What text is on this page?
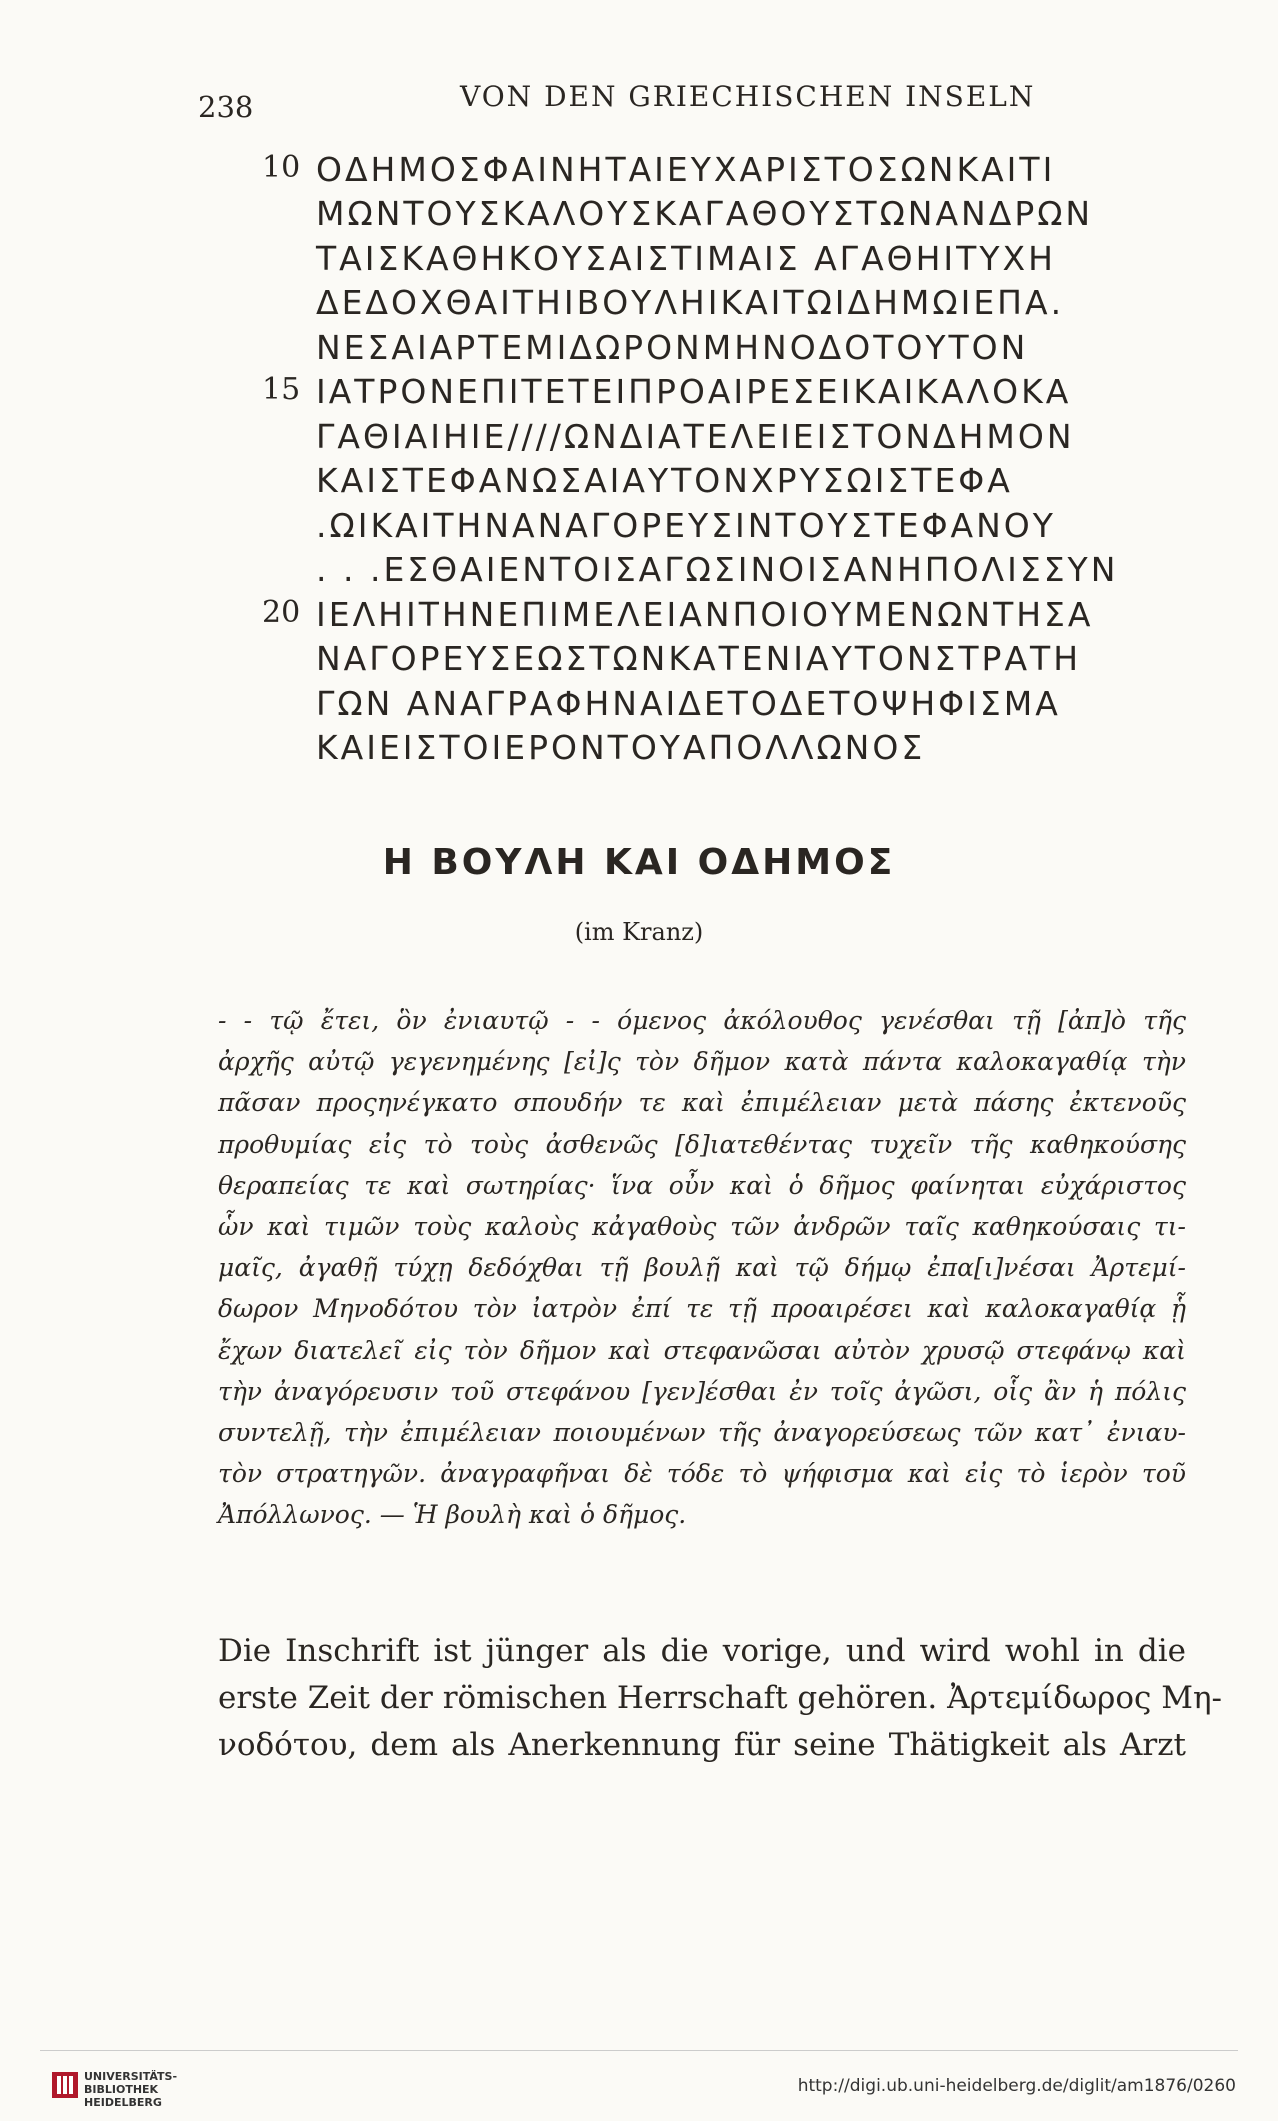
238	VON DEN GRIECHISCHEN INSELN
10
15
20
ΟΔΗΜΟΣΦΑΙΝΗΤΑΙΕΥΧΑΡΙΣΤΟΣΩΝΚΑΙΤΙ
ΜΩΝΤΟΥΣΚΑΛΟΥΣΚΑΓΑΘΟΥΣΤΩΝΑΝΔΡΩΝ
ΤΑΙΣΚΑΘΗΚΟΥΣΑΙΣΤΙΜΑΙΣ ΑΓΑΘΗΙΤΥΧΗ
ΔΕΔΟΧΘΑΙΤΗΙΒΟΥΛΗΙΚΑΙΤΩΙΔΗΜΩΙΕΠΑ.
ΝΕΣΑΙΑΡΤΕΜΙΔΩΡΟΝΜΗΝΟΔΟΤΟΥΤΟΝ
ΙΑΤΡΟΝΕΠΙΤΕΤΕΙΠΡΟΑΙΡΕΣΕΙΚΑΙΚΑΛΟΚΑ
ΓΑΘΙΑΙΗΙΕ////ΩΝΔΙΑΤΕΛΕΙΕΙΣΤΟΝΔΗΜΟΝ
ΚΑΙΣΤΕΦΑΝΩΣΑΙΑΥΤΟΝΧΡΥΣΩΙΣΤΕΦΑ
.ΩΙΚΑΙΤΗΝΑΝΑΓΟΡΕΥΣΙΝΤΟΥΣΤΕΦΑΝΟΥ
. . .ΕΣΘΑΙΕΝΤΟΙΣΑΓΩΣΙΝΟΙΣΑΝΗΠΟΛΙΣΣΥΝ
ΙΕΛΗΙΤΗΝΕΠΙΜΕΛΕΙΑΝΠΟΙΟΥΜΕΝΩΝΤΗΣΑ
ΝΑΓΟΡΕΥΣΕΩΣΤΩΝΚΑΤΕΝΙΑΥΤΟΝΣΤΡΑΤΗ
ΓΩΝ ΑΝΑΓΡΑΦΗΝΑΙΔΕΤΟΔΕΤΟΨΗΦΙΣΜΑ
ΚΑΙΕΙΣΤΟΙΕΡΟΝΤΟΥΑΠΟΛΛΩΝΟΣ
Η ΒΟΥΛΗ ΚΑΙ ΟΔΗΜΟΣ
(im Kranz)
- - τῷ ἔτει, ὃν ἐνιαυτῷ - - όμενος ἀκόλουθος γενέσθαι τῇ [ἀπ]ὸ τῆς
ἀρχῆς αὐτῷ γεγενημένης [εἰ]ς τὸν δῆμον κατὰ πάντα καλοκαγαθίᾳ τὴν
πᾶσαν προςηνέγκατο σπουδήν τε καὶ ἐπιμέλειαν μετὰ πάσης ἐκτενοῦς
προθυμίας εἰς τὸ τοὺς ἀσθενῶς [δ]ιατεθέντας τυχεῖν τῆς καθηκούσης
θεραπείας τε καὶ σωτηρίας· ἵνα οὖν καὶ ὁ δῆμος φαίνηται εὐχάριστος
ὧν καὶ τιμῶν τοὺς καλοὺς κἀγαθοὺς τῶν ἀνδρῶν ταῖς καθηκούσαις τι-
μαῖς, ἀγαθῇ τύχῃ δεδόχθαι τῇ βουλῇ καὶ τῷ δήμῳ ἐπα[ι]νέσαι Ἀρτεμί-
δωρον Μηνοδότου τὸν ἰατρὸν ἐπί τε τῇ προαιρέσει καὶ καλοκαγαθίᾳ ᾗ
ἔχων διατελεῖ εἰς τὸν δῆμον καὶ στεφανῶσαι αὐτὸν χρυσῷ στεφάνῳ καὶ
τὴν ἀναγόρευσιν τοῦ στεφάνου [γεν]έσθαι ἐν τοῖς ἀγῶσι, οἷς ἂν ἡ πόλις
συντελῇ, τὴν ἐπιμέλειαν ποιουμένων τῆς ἀναγορεύσεως τῶν κατ᾽ ἐνιαυ-
τὸν στρατηγῶν. ἀναγραφῆναι δὲ τόδε τὸ ψήφισμα καὶ εἰς τὸ ἱερὸν τοῦ
Ἀπόλλωνος. — Ἡ βουλὴ καὶ ὁ δῆμος.
Die Inschrift ist jünger als die vorige, und wird wohl in die
erste Zeit der römischen Herrschaft gehören. Ἀρτεμίδωρος Μη-
νοδότου, dem als Anerkennung für seine Thätigkeit als Arzt
UNIVERSITÄTS-
BIBLIOTHEK
HEIDELBERG
http://digi.ub.uni-heidelberg.de/diglit/am1876/0260
